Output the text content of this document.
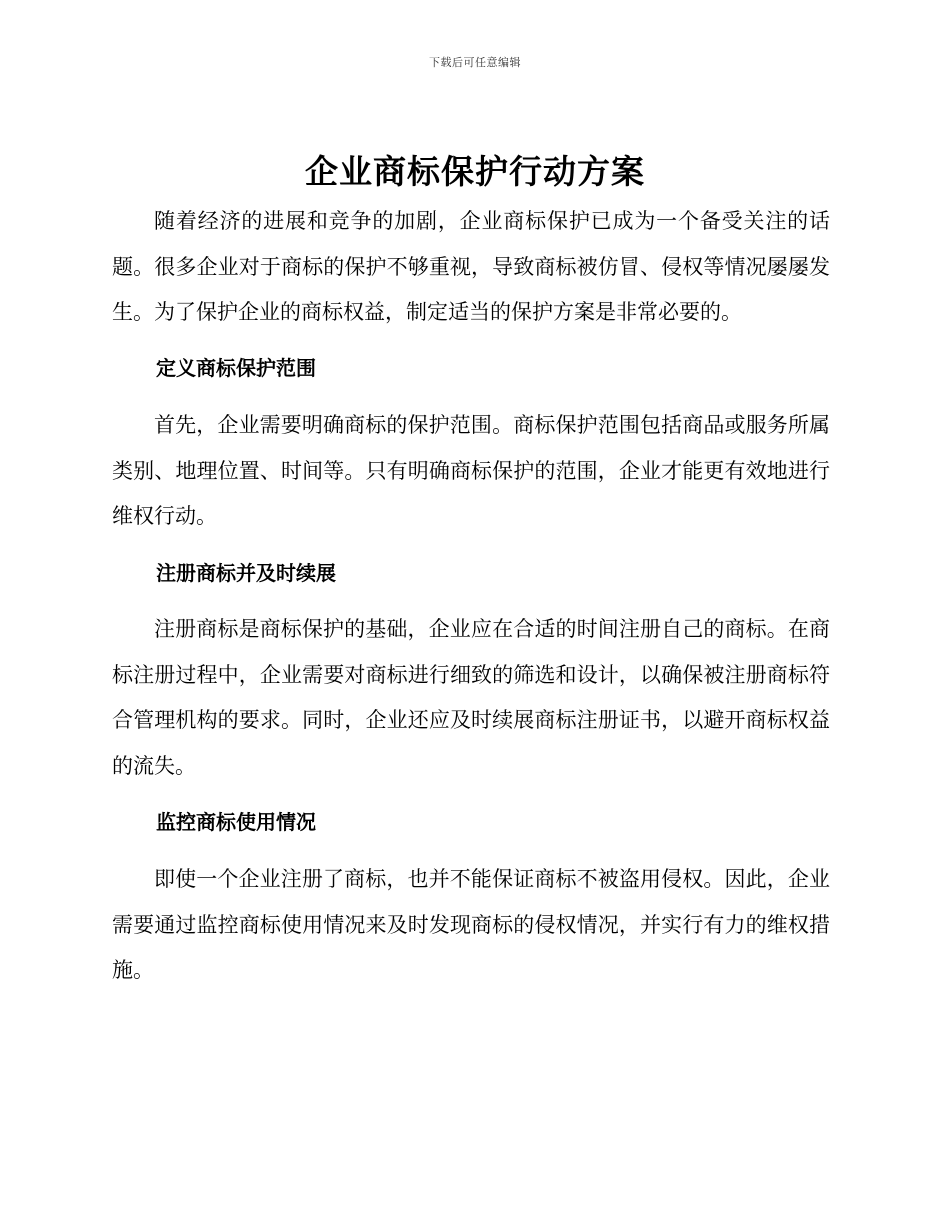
下载后可任意编辑
企业商标保护行动方案

随着经济的进展和竞争的加剧，企业商标保护已成为一个备受关注的话题。很多企业对于商标的保护不够重视，导致商标被仿冒、侵权等情况屡屡发生。为了保护企业的商标权益，制定适当的保护方案是非常必要的。

定义商标保护范围

首先，企业需要明确商标的保护范围。商标保护范围包括商品或服务所属类别、地理位置、时间等。只有明确商标保护的范围，企业才能更有效地进行维权行动。

注册商标并及时续展

注册商标是商标保护的基础，企业应在合适的时间注册自己的商标。在商标注册过程中，企业需要对商标进行细致的筛选和设计，以确保被注册商标符合管理机构的要求。同时，企业还应及时续展商标注册证书，以避开商标权益的流失。

监控商标使用情况

即使一个企业注册了商标，也并不能保证商标不被盗用侵权。因此，企业需要通过监控商标使用情况来及时发现商标的侵权情况，并实行有力的维权措施。
